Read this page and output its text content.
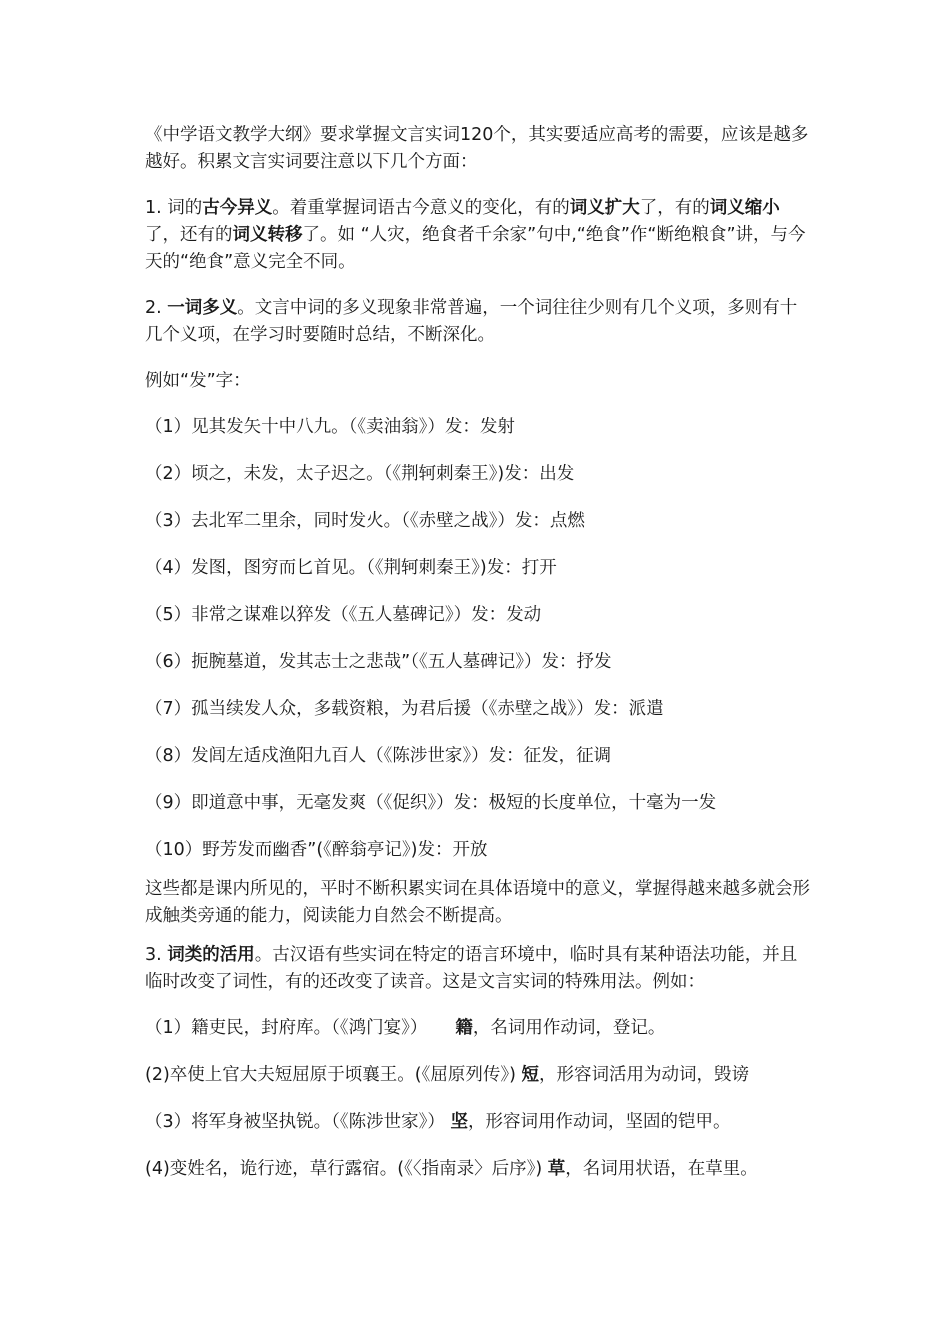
《中学语文教学大纲》要求掌握文言实词120个，其实要适应高考的需要，应该是越多越好。积累文言实词要注意以下几个方面：

1. 词的古今异义。着重掌握词语古今意义的变化，有的词义扩大了，有的词义缩小了，还有的词义转移了。如 “人灾，绝食者千余家”句中,“绝食”作“断绝粮食”讲，与今天的“绝食”意义完全不同。

2. 一词多义。文言中词的多义现象非常普遍，一个词往往少则有几个义项，多则有十几个义项，在学习时要随时总结，不断深化。

例如“发”字：

（1）见其发矢十中八九。（《卖油翁》）发：发射

（2）顷之，未发，太子迟之。（《荆轲刺秦王》)发：出发

（3）去北军二里余，同时发火。（《赤壁之战》）发：点燃

（4）发图，图穷而匕首见。（《荆轲刺秦王》)发：打开

（5）非常之谋难以猝发（《五人墓碑记》）发：发动

（6）扼腕墓道，发其志士之悲哉”（《五人墓碑记》）发：抒发

（7）孤当续发人众，多载资粮，为君后援（《赤壁之战》）发：派遣

（8）发闾左适戍渔阳九百人（《陈涉世家》）发：征发，征调

（9）即道意中事，无毫发爽（《促织》）发：极短的长度单位，十毫为一发

（10）野芳发而幽香”(《醉翁亭记》)发：开放

这些都是课内所见的，平时不断积累实词在具体语境中的意义，掌握得越来越多就会形成触类旁通的能力，阅读能力自然会不断提高。

3. 词类的活用。古汉语有些实词在特定的语言环境中，临时具有某种语法功能，并且临时改变了词性，有的还改变了读音。这是文言实词的特殊用法。例如：

（1）籍吏民，封府库。（《鸿门宴》） 籍，名词用作动词，登记。

(2)卒使上官大夫短屈原于顷襄王。(《屈原列传》) 短，形容词活用为动词，毁谤

（3）将军身被坚执锐。（《陈涉世家》） 坚，形容词用作动词，坚固的铠甲。

(4)变姓名，诡行迹，草行露宿。(《〈指南录〉后序》) 草，名词用状语，在草里。
